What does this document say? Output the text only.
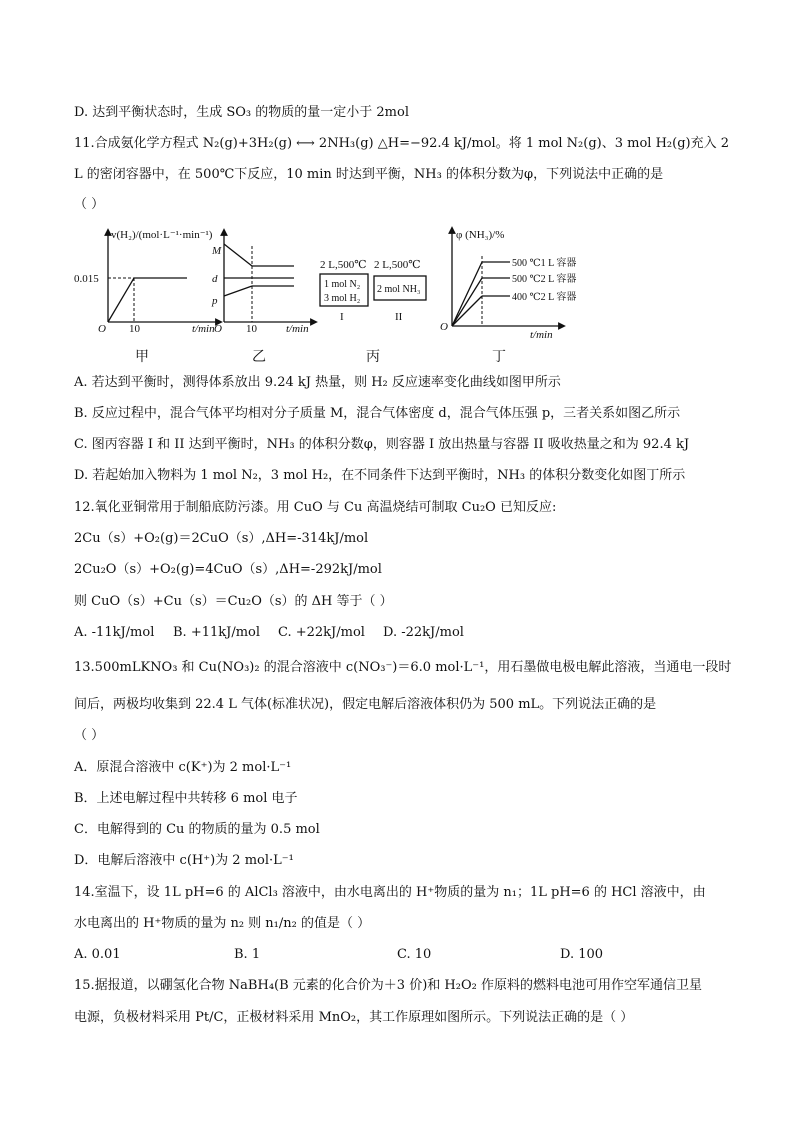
D. 达到平衡状态时，生成 SO₃ 的物质的量一定小于 2mol
11.合成氨化学方程式 N₂(g)+3H₂(g) ⟷ 2NH₃(g) △H=−92.4 kJ/mol。将 1 mol N₂(g)、3 mol H₂(g)充入 2
L 的密闭容器中，在 500℃下反应，10 min 时达到平衡，NH₃ 的体积分数为φ，下列说法中正确的是
（ ）
v(H₂)/(mol·L⁻¹·min⁻¹)
0.015
O 10	t/min
M
d
p
O 10	t/min
2 L,500℃
1 mol N₂
3 mol H₂
I
2 L,500℃
2 mol NH₃
II
φ (NH₃)/%
500 ℃1 L 容器
500 ℃2 L 容器
400 ℃2 L 容器
O
t/min
甲	乙	丙	丁
A. 若达到平衡时，测得体系放出 9.24 kJ 热量，则 H₂ 反应速率变化曲线如图甲所示
B. 反应过程中，混合气体平均相对分子质量 M，混合气体密度 d，混合气体压强 p，三者关系如图乙所示
C. 图丙容器 I 和 II 达到平衡时，NH₃ 的体积分数φ，则容器 I 放出热量与容器 II 吸收热量之和为 92.4 kJ
D. 若起始加入物料为 1 mol N₂，3 mol H₂，在不同条件下达到平衡时，NH₃ 的体积分数变化如图丁所示
12.氧化亚铜常用于制船底防污漆。用 CuO 与 Cu 高温烧结可制取 Cu₂O 已知反应:
2Cu（s）+O₂(g)＝2CuO（s）,ΔH=-314kJ/mol
2Cu₂O（s）+O₂(g)=4CuO（s）,ΔH=-292kJ/mol
则 CuO（s）+Cu（s）＝Cu₂O（s）的 ΔH 等于（ ）
A. -11kJ/mol B. +11kJ/mol C. +22kJ/mol D. -22kJ/mol
13.500mLKNO₃ 和 Cu(NO₃)₂ 的混合溶液中 c(NO₃⁻)＝6.0 mol·L⁻¹，用石墨做电极电解此溶液，当通电一段时
间后，两极均收集到 22.4 L 气体(标准状况)，假定电解后溶液体积仍为 500 mL。下列说法正确的是
（ ）
A．原混合溶液中 c(K⁺)为 2 mol·L⁻¹
B．上述电解过程中共转移 6 mol 电子
C．电解得到的 Cu 的物质的量为 0.5 mol
D．电解后溶液中 c(H⁺)为 2 mol·L⁻¹
14.室温下，设 1L pH=6 的 AlCl₃ 溶液中，由水电离出的 H⁺物质的量为 n₁；1L pH=6 的 HCl 溶液中，由
水电离出的 H⁺物质的量为 n₂ 则 n₁/n₂ 的值是（ ）
A. 0.01	B. 1	C. 10	D. 100
15.据报道，以硼氢化合物 NaBH₄(B 元素的化合价为＋3 价)和 H₂O₂ 作原料的燃料电池可用作空军通信卫星
电源，负极材料采用 Pt/C，正极材料采用 MnO₂，其工作原理如图所示。下列说法正确的是（ ）
